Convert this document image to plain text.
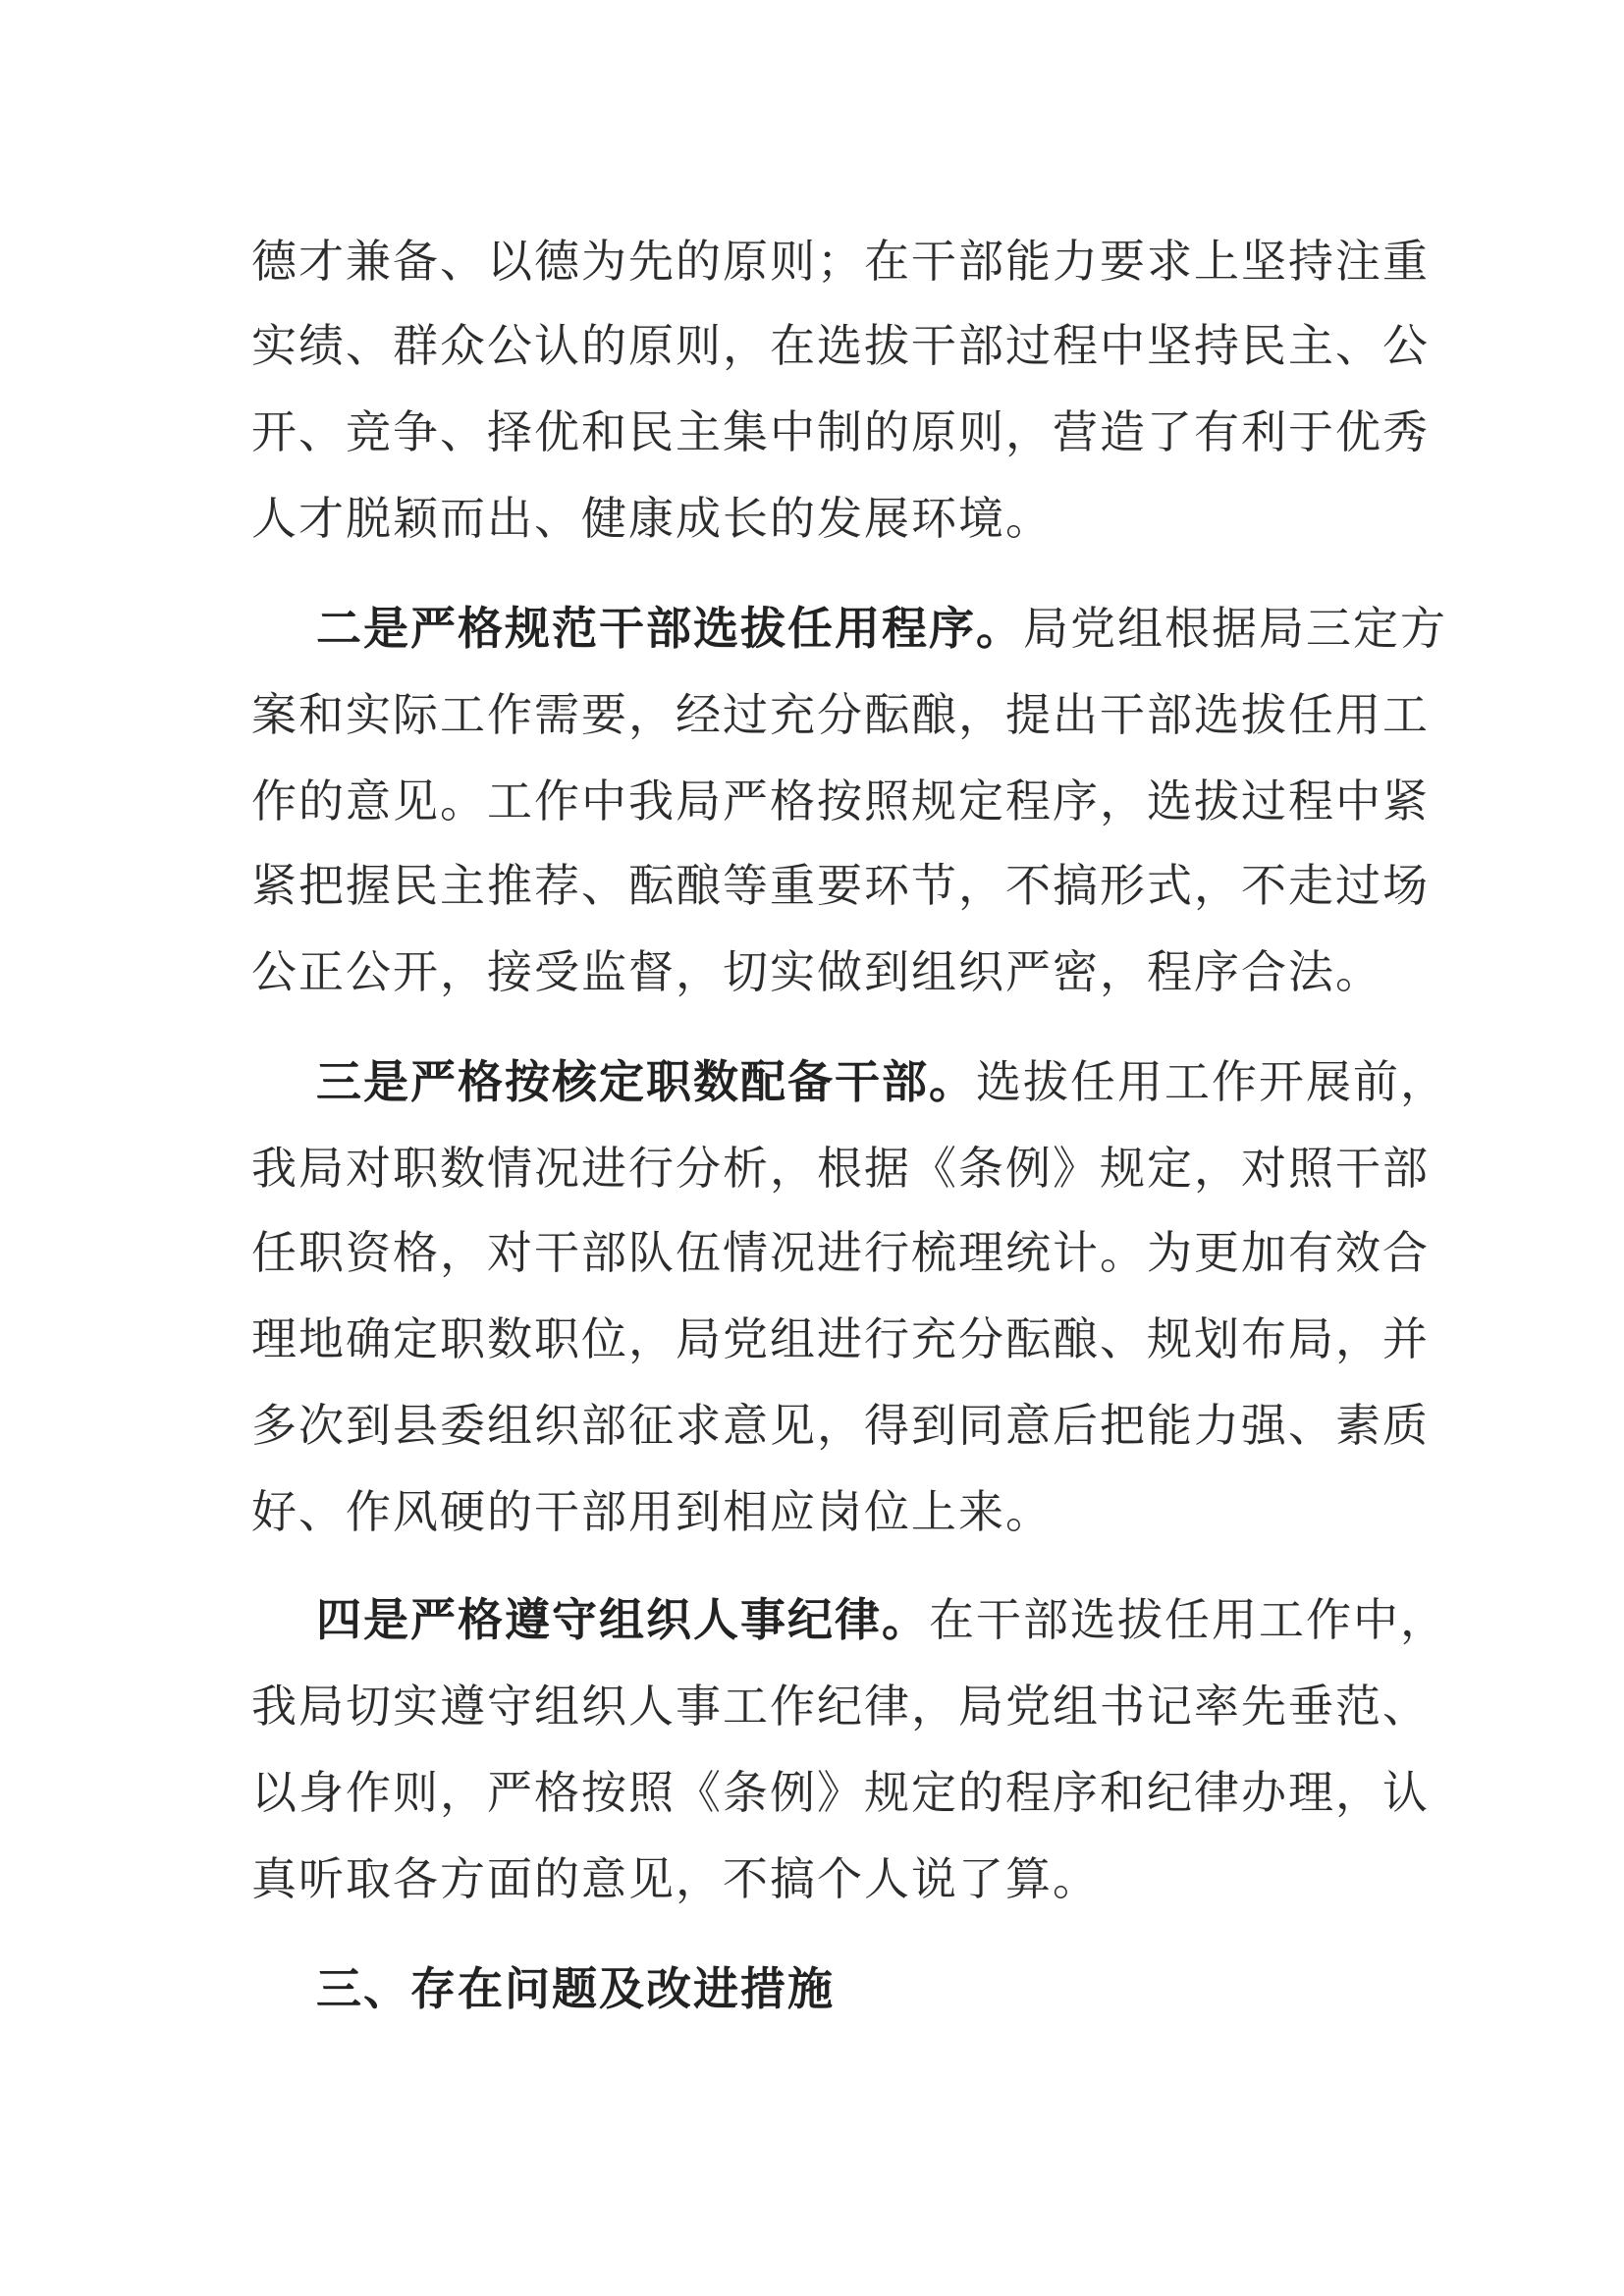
德才兼备、以德为先的原则；在干部能力要求上坚持注重
实绩、群众公认的原则，在选拔干部过程中坚持民主、公
开、竞争、择优和民主集中制的原则，营造了有利于优秀
人才脱颖而出、健康成长的发展环境。
二是严格规范干部选拔任用程序。局党组根据局三定方
案和实际工作需要，经过充分酝酿，提出干部选拔任用工
作的意见。工作中我局严格按照规定程序，选拔过程中紧
紧把握民主推荐、酝酿等重要环节，不搞形式，不走过场
公正公开，接受监督，切实做到组织严密，程序合法。
三是严格按核定职数配备干部。选拔任用工作开展前，
我局对职数情况进行分析，根据《条例》规定，对照干部
任职资格，对干部队伍情况进行梳理统计。为更加有效合
理地确定职数职位，局党组进行充分酝酿、规划布局，并
多次到县委组织部征求意见，得到同意后把能力强、素质
好、作风硬的干部用到相应岗位上来。
四是严格遵守组织人事纪律。在干部选拔任用工作中，
我局切实遵守组织人事工作纪律，局党组书记率先垂范、
以身作则，严格按照《条例》规定的程序和纪律办理，认
真听取各方面的意见，不搞个人说了算。
三、存在问题及改进措施
